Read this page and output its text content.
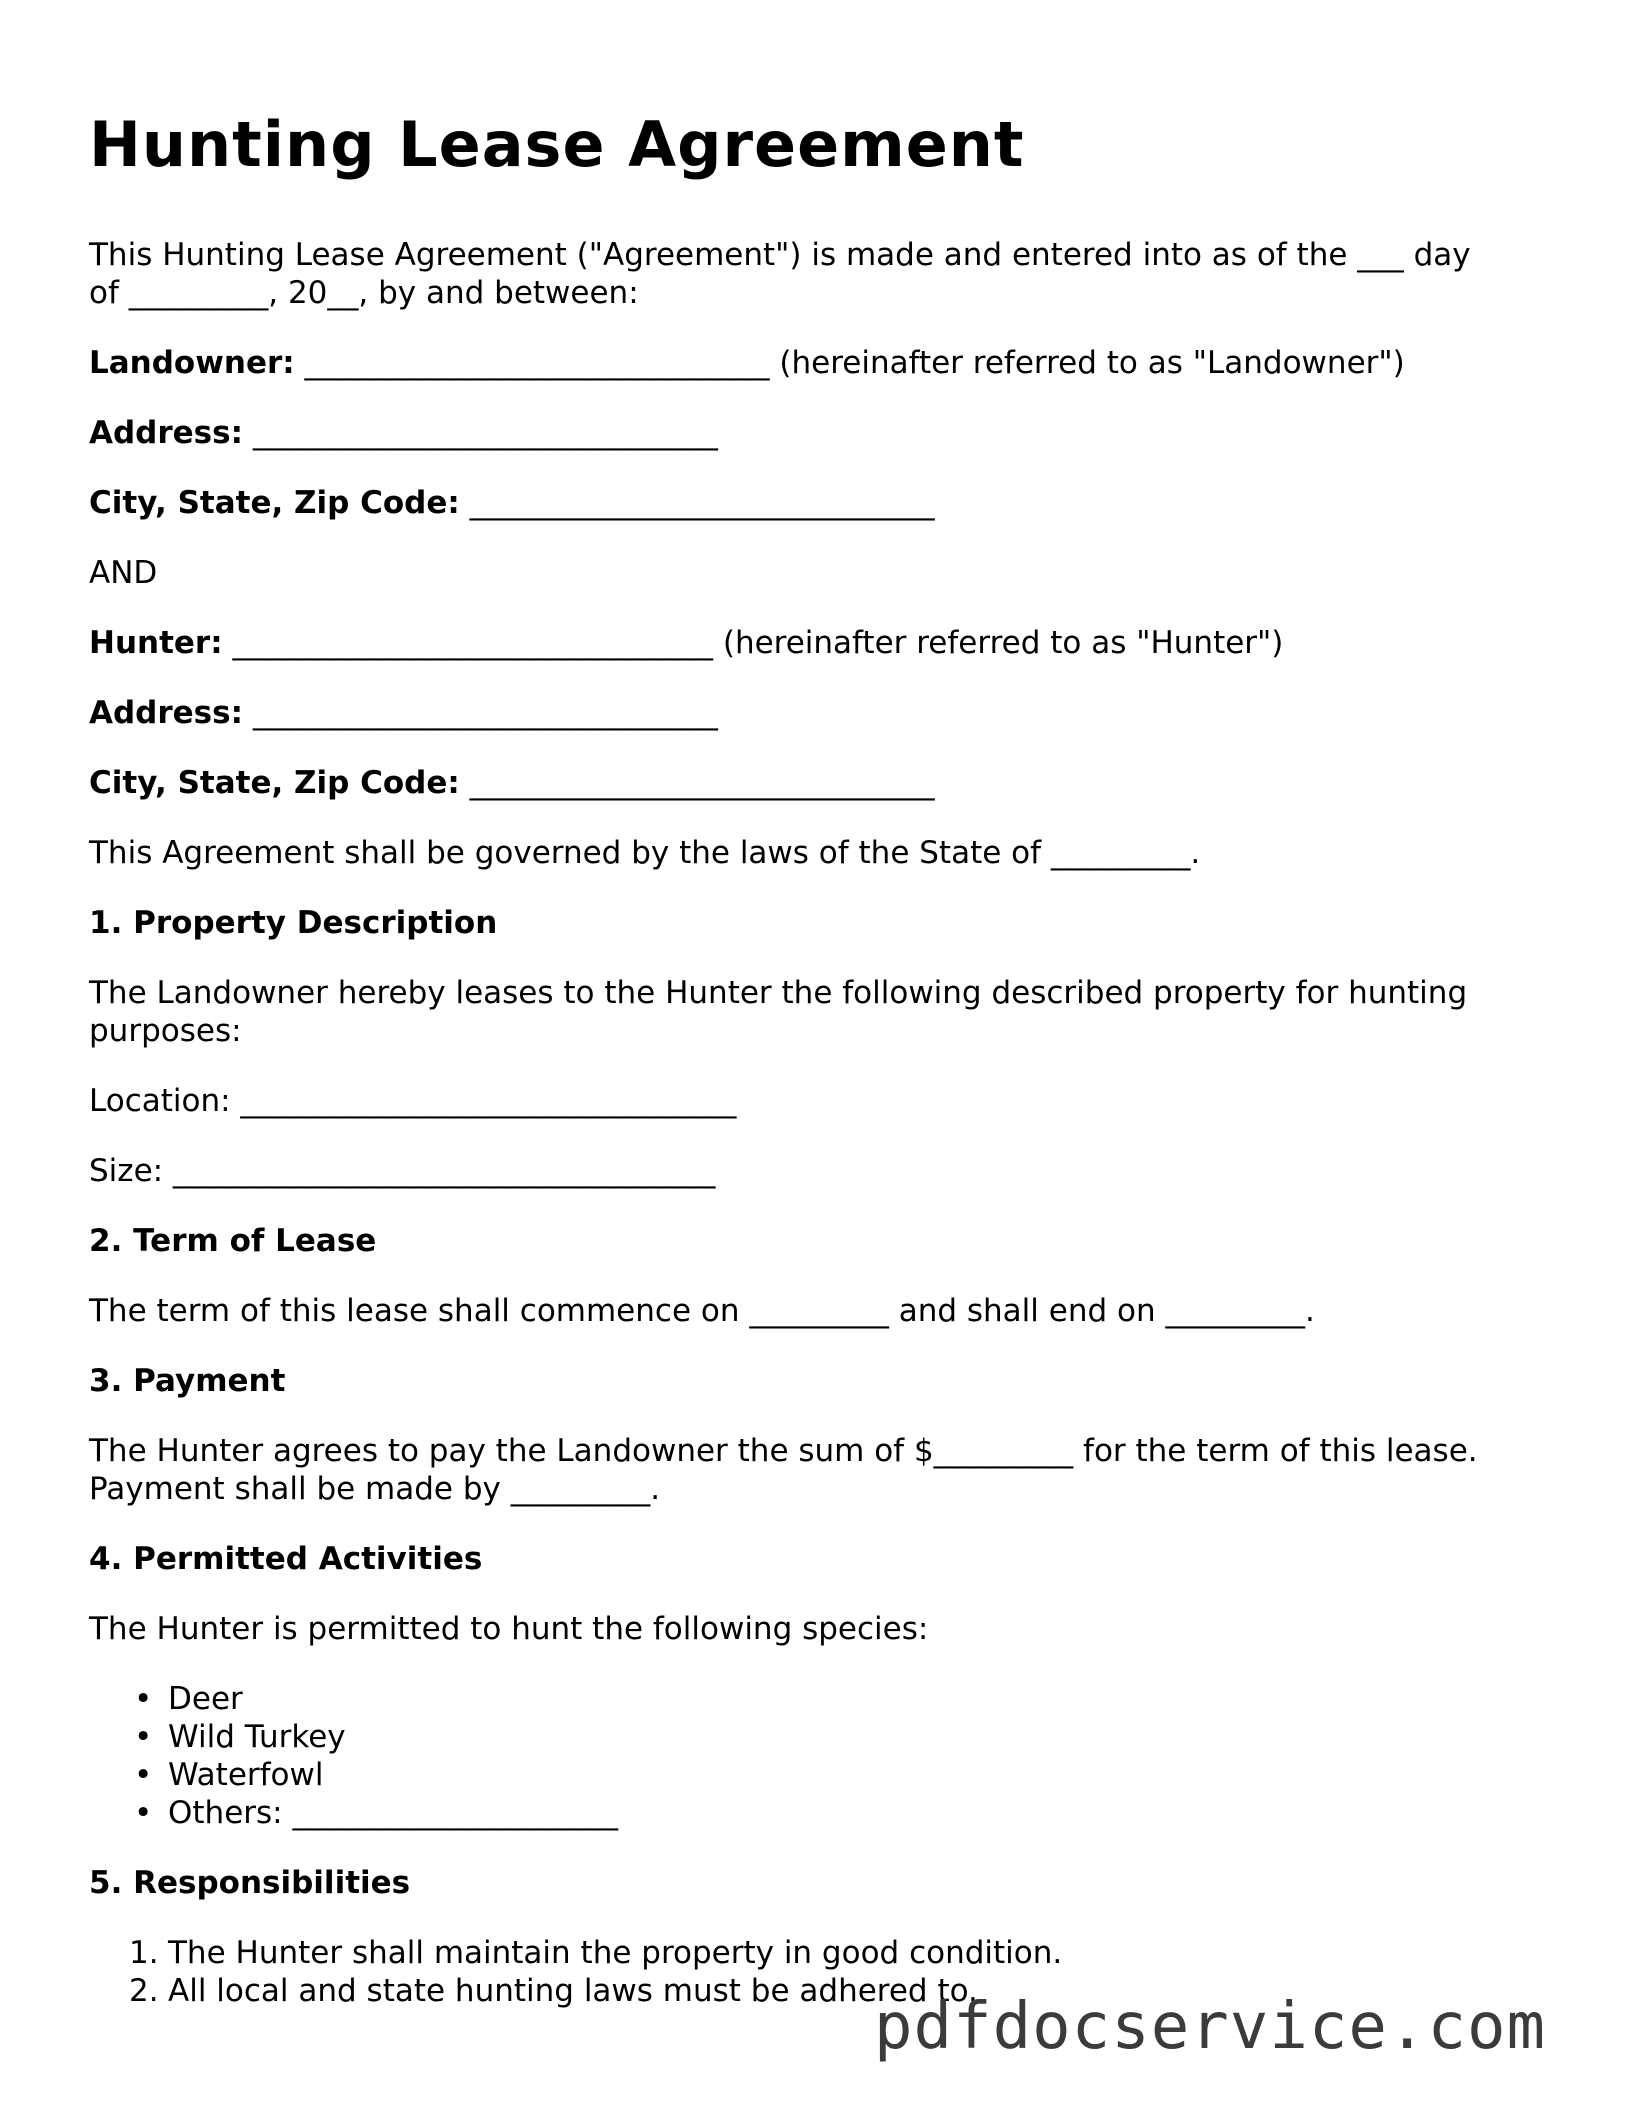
Hunting Lease Agreement

This Hunting Lease Agreement ("Agreement") is made and entered into as of the ___ day

of _________, 20__, by and between:

Landowner: ______________________________ (hereinafter referred to as "Landowner")

Address: ______________________________

City, State, Zip Code: ______________________________

AND

Hunter: _______________________________ (hereinafter referred to as "Hunter")

Address: ______________________________

City, State, Zip Code: ______________________________

This Agreement shall be governed by the laws of the State of _________.

1. Property Description

The Landowner hereby leases to the Hunter the following described property for hunting

purposes:

Location: ________________________________

Size: ___________________________________

2. Term of Lease

The term of this lease shall commence on _________ and shall end on _________.

3. Payment

The Hunter agrees to pay the Landowner the sum of $_________ for the term of this lease.

Payment shall be made by _________.

4. Permitted Activities

The Hunter is permitted to hunt the following species:

• Deer
• Wild Turkey
• Waterfowl
• Others: _____________________

5. Responsibilities

1. The Hunter shall maintain the property in good condition.
2. All local and state hunting laws must be adhered to.
pdfdocservice.com
